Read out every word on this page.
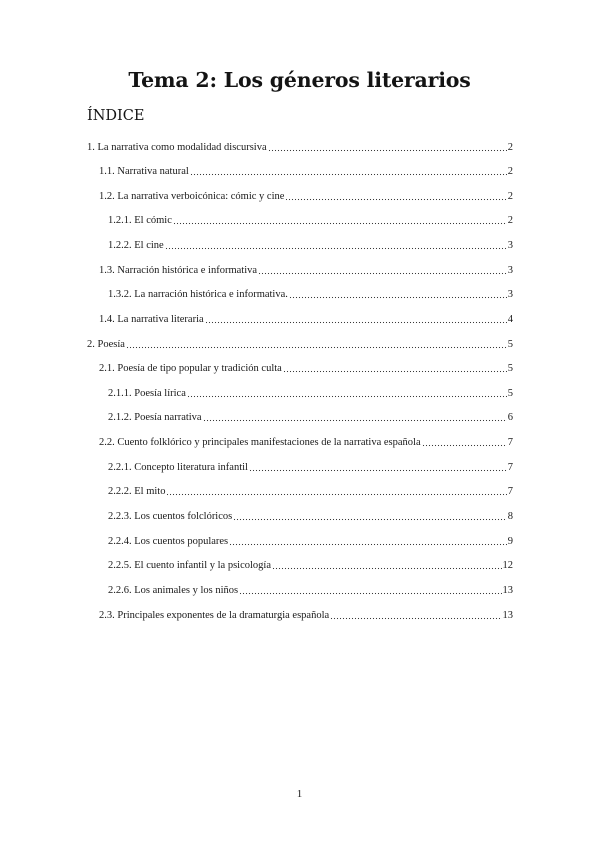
Tema 2: Los géneros literarios
ÍNDICE
1. La narrativa como modalidad discursiva	2
1.1. Narrativa natural	2
1.2. La narrativa verboicónica: cómic y cine	2
1.2.1. El cómic	2
1.2.2. El cine	3
1.3. Narración histórica e informativa	3
1.3.2. La narración histórica e informativa.	3
1.4. La narrativa literaria	4
2. Poesía	5
2.1. Poesía de tipo popular y tradición culta	5
2.1.1. Poesía lírica	5
2.1.2. Poesía narrativa	6
2.2. Cuento folklórico y principales manifestaciones de la narrativa española	7
2.2.1. Concepto literatura infantil	7
2.2.2. El mito	7
2.2.3. Los cuentos folclóricos	8
2.2.4. Los cuentos populares	9
2.2.5. El cuento infantil y la psicología	12
2.2.6. Los animales y los niños	13
2.3. Principales exponentes de la dramaturgia española	13
1
